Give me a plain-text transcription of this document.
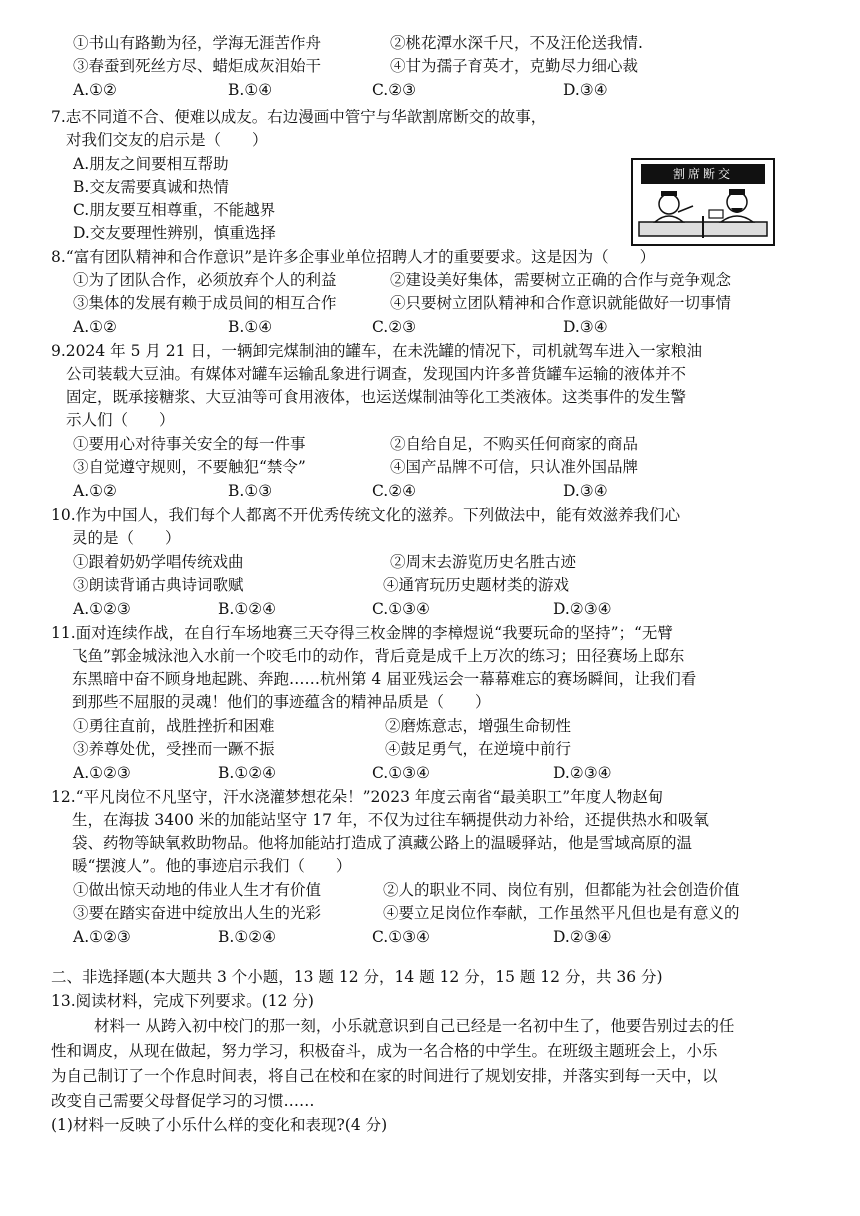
①书山有路勤为径，学海无涯苦作舟	②桃花潭水深千尺，不及汪伦送我情.
③春蚕到死丝方尽、蜡炬成灰泪始干	④甘为孺子育英才，克勤尽力细心裁
A.①②	B.①④	C.②③	D.③④
7.志不同道不合、便难以成友。右边漫画中管宁与华歆割席断交的故事，
对我们交友的启示是（　　）
A.朋友之间要相互帮助
B.交友需要真诚和热情
C.朋友要互相尊重，不能越界
D.交友要理性辨别，慎重选择
割席断交
8.“富有团队精神和合作意识”是许多企事业单位招聘人才的重要要求。这是因为（　　）
①为了团队合作，必须放弃个人的利益	②建设美好集体，需要树立正确的合作与竞争观念
③集体的发展有赖于成员间的相互合作	④只要树立团队精神和合作意识就能做好一切事情
A.①②	B.①④	C.②③	D.③④
9.2024 年 5 月 21 日，一辆卸完煤制油的罐车，在未洗罐的情况下，司机就驾车进入一家粮油
公司装载大豆油。有媒体对罐车运输乱象进行调查，发现国内许多普货罐车运输的液体并不
固定，既承接糖浆、大豆油等可食用液体，也运送煤制油等化工类液体。这类事件的发生警
示人们（　　）
①要用心对待事关安全的每一件事	②自给自足，不购买任何商家的商品
③自觉遵守规则，不要触犯“禁令”	④国产品牌不可信，只认准外国品牌
A.①②	B.①③	C.②④	D.③④
10.作为中国人，我们每个人都离不开优秀传统文化的滋养。下列做法中，能有效滋养我们心
灵的是（　　）
①跟着奶奶学唱传统戏曲	②周末去游览历史名胜古迹
③朗读背诵古典诗词歌赋	④通宵玩历史题材类的游戏
A.①②③	B.①②④	C.①③④	D.②③④
11.面对连续作战，在自行车场地赛三天夺得三枚金牌的李樟煜说“我要玩命的坚持”；“无臂
飞鱼”郭金城泳池入水前一个咬毛巾的动作，背后竟是成千上万次的练习；田径赛场上邸东
东黑暗中奋不顾身地起跳、奔跑……杭州第 4 届亚残运会一幕幕难忘的赛场瞬间，让我们看
到那些不屈服的灵魂！他们的事迹蕴含的精神品质是（　　）
①勇往直前，战胜挫折和困难	②磨炼意志，增强生命韧性
③养尊处优，受挫而一蹶不振	④鼓足勇气，在逆境中前行
A.①②③	B.①②④	C.①③④	D.②③④
12.“平凡岗位不凡坚守，汗水浇灌梦想花朵！”2023 年度云南省“最美职工”年度人物赵甸
生，在海拔 3400 米的加能站坚守 17 年，不仅为过往车辆提供动力补给，还提供热水和吸氧
袋、药物等缺氧救助物品。他将加能站打造成了滇藏公路上的温暖驿站，他是雪域高原的温
暖“摆渡人”。他的事迹启示我们（　　）
①做出惊天动地的伟业人生才有价值	②人的职业不同、岗位有别，但都能为社会创造价值
③要在踏实奋进中绽放出人生的光彩	④要立足岗位作奉献，工作虽然平凡但也是有意义的
A.①②③	B.①②④	C.①③④	D.②③④
二、非选择题(本大题共 3 个小题，13 题 12 分，14 题 12 分，15 题 12 分，共 36 分)
13.阅读材料，完成下列要求。(12 分)
材料一 从跨入初中校门的那一刻，小乐就意识到自己已经是一名初中生了，他要告别过去的任
性和调皮，从现在做起，努力学习，积极奋斗，成为一名合格的中学生。在班级主题班会上，小乐
为自己制订了一个作息时间表，将自己在校和在家的时间进行了规划安排，并落实到每一天中，以
改变自己需要父母督促学习的习惯……
(1)材料一反映了小乐什么样的变化和表现?(4 分)
